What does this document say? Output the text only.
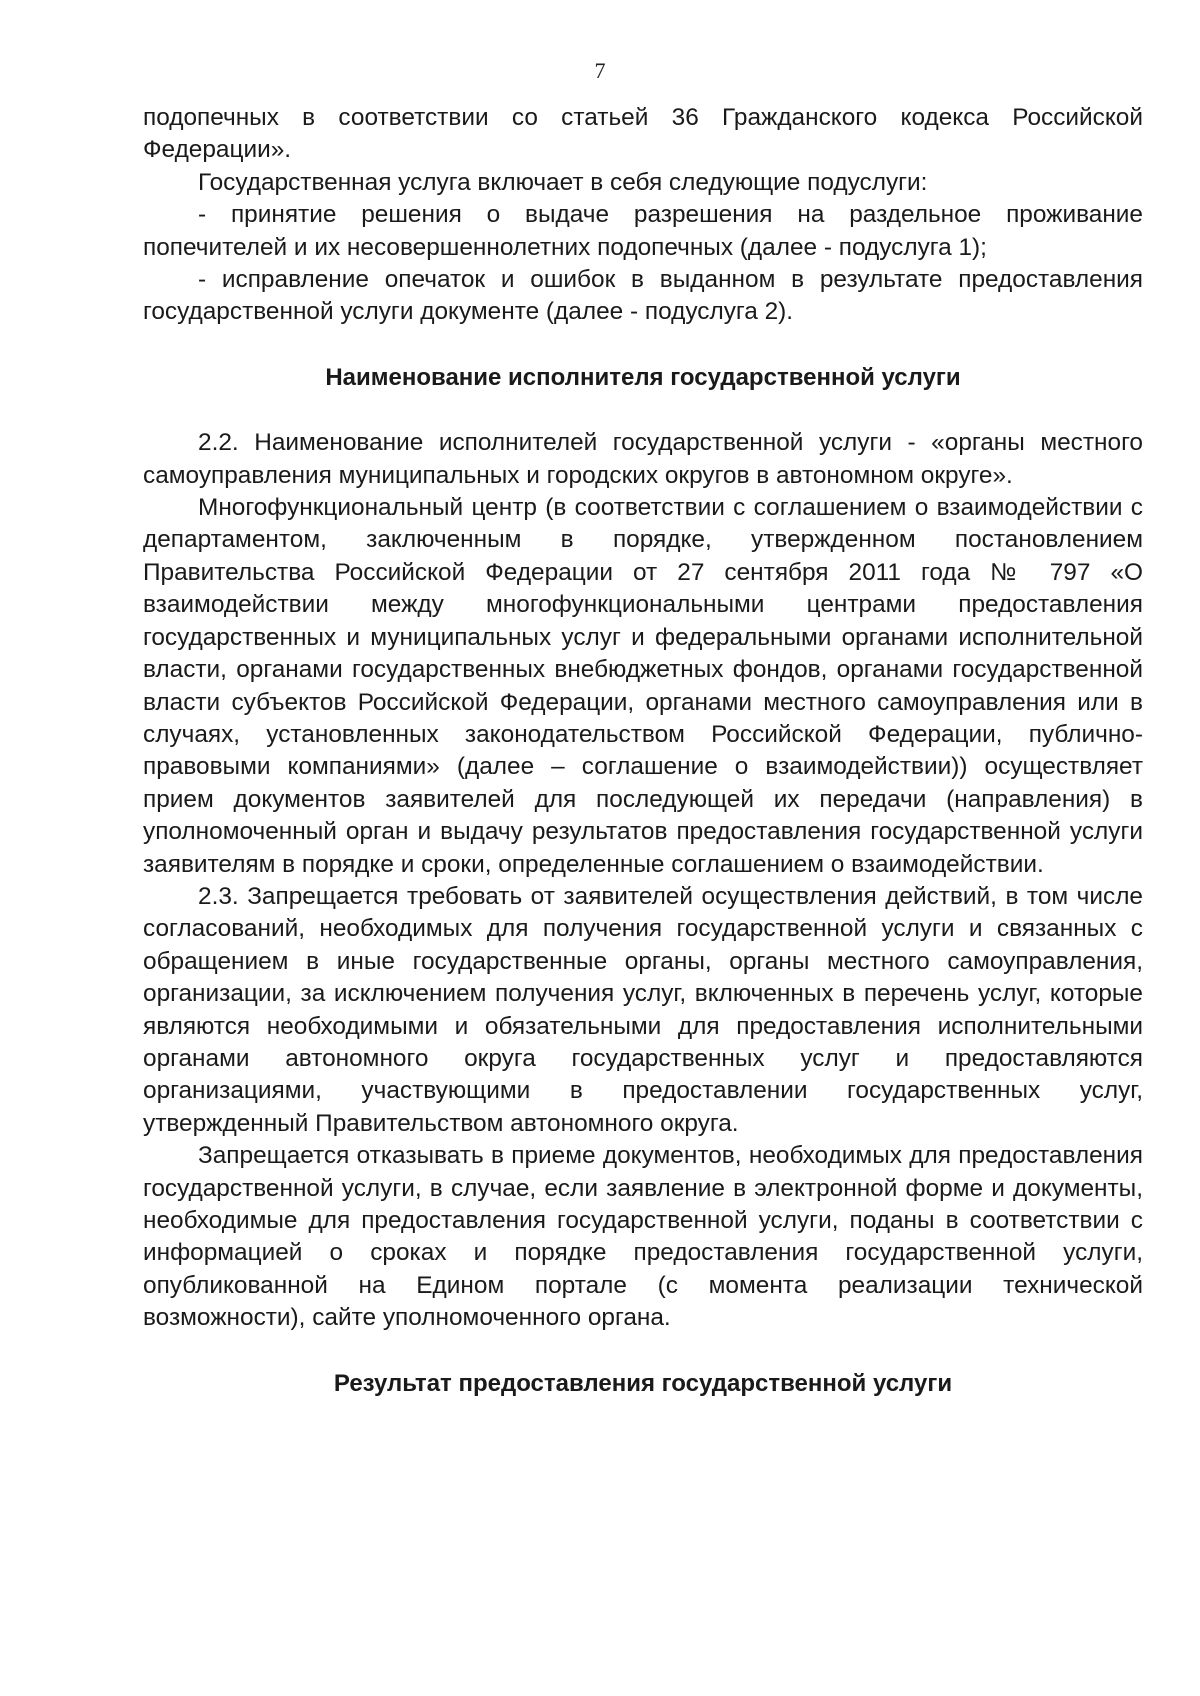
7

подопечных в соответствии со статьей 36 Гражданского кодекса Российской Федерации».

Государственная услуга включает в себя следующие подуслуги:

- принятие решения о выдаче разрешения на раздельное проживание попечителей и их несовершеннолетних подопечных (далее - подуслуга 1);

- исправление опечаток и ошибок в выданном в результате предоставления государственной услуги документе (далее - подуслуга 2).

Наименование исполнителя государственной услуги

2.2. Наименование исполнителей государственной услуги - «органы местного самоуправления муниципальных и городских округов в автономном округе».

Многофункциональный центр (в соответствии с соглашением о взаимодействии с департаментом, заключенным в порядке, утвержденном постановлением Правительства Российской Федерации от 27 сентября 2011 года № 797 «О взаимодействии между многофункциональными центрами предоставления государственных и муниципальных услуг и федеральными органами исполнительной власти, органами государственных внебюджетных фондов, органами государственной власти субъектов Российской Федерации, органами местного самоуправления или в случаях, установленных законодательством Российской Федерации, публично-правовыми компаниями» (далее – соглашение о взаимодействии)) осуществляет прием документов заявителей для последующей их передачи (направления) в уполномоченный орган и выдачу результатов предоставления государственной услуги заявителям в порядке и сроки, определенные соглашением о взаимодействии.

2.3. Запрещается требовать от заявителей осуществления действий, в том числе согласований, необходимых для получения государственной услуги и связанных с обращением в иные государственные органы, органы местного самоуправления, организации, за исключением получения услуг, включенных в перечень услуг, которые являются необходимыми и обязательными для предоставления исполнительными органами автономного округа государственных услуг и предоставляются организациями, участвующими в предоставлении государственных услуг, утвержденный Правительством автономного округа.

Запрещается отказывать в приеме документов, необходимых для предоставления государственной услуги, в случае, если заявление в электронной форме и документы, необходимые для предоставления государственной услуги, поданы в соответствии с информацией о сроках и порядке предоставления государственной услуги, опубликованной на Едином портале (с момента реализации технической возможности), сайте уполномоченного органа.

Результат предоставления государственной услуги
